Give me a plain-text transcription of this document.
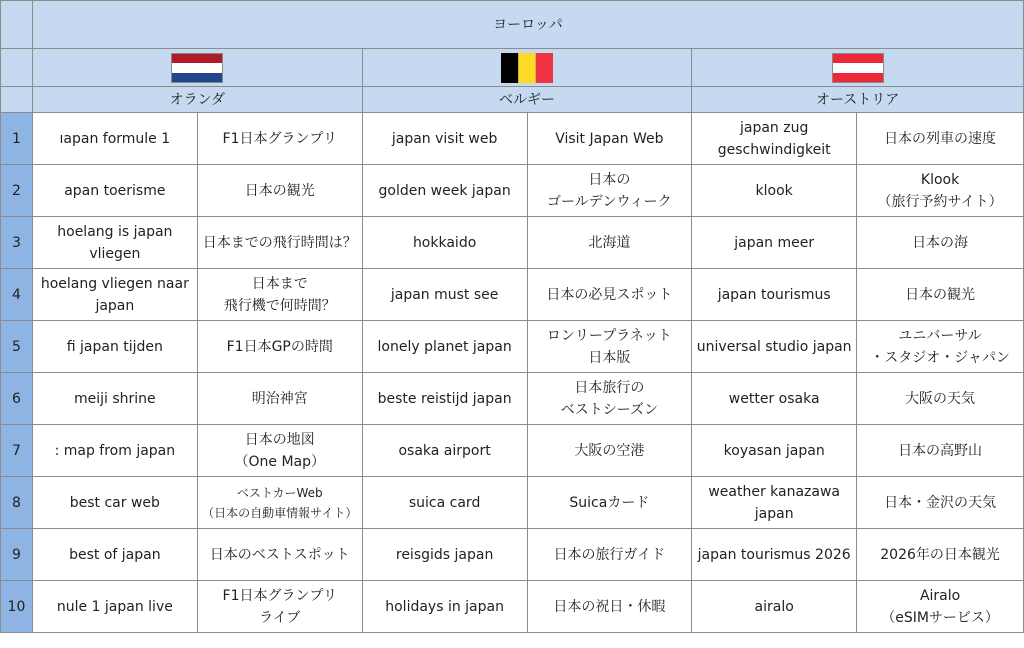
	ヨーロッパ					

	オランダ		ベルギー		オーストリア	
1	ıapan formule 1	F1日本グランプリ	japan visit web	Visit Japan Web	japan zug
geschwindigkeit	日本の列車の速度

2	apan toerisme	日本の観光	golden week japan	日本の
ゴールデンウィーク	klook	Klook
（旅行予約サイト）

3	hoelang is japan
vliegen	日本までの飛行時間は？	hokkaido	北海道	japan meer	日本の海

4	hoelang vliegen naar
japan	日本まで
飛行機で何時間？	japan must see	日本の必見スポット	japan tourismus	日本の観光

5	fi japan tijden	F1日本GPの時間	lonely planet japan	ロンリープラネット
日本版	universal studio japan	ユニバーサル
・スタジオ・ジャパン

6	meiji shrine	明治神宮	beste reistijd japan	日本旅行の
ベストシーズン	wetter osaka	大阪の天気

7	: map from japan	日本の地図
（One Map）	osaka airport	大阪の空港	koyasan japan	日本の高野山

8	best car web	ベストカーWeb
（日本の自動車情報サイト）	suica card	Suicaカード	weather kanazawa
japan	日本・金沢の天気

9	best of japan	日本のベストスポット	reisgids japan	日本の旅行ガイド	japan tourismus 2026	2026年の日本観光

10	nule 1 japan live	F1日本グランプリ
ライブ	holidays in japan	日本の祝日・休暇	airalo	Airalo
（eSIMサービス）
